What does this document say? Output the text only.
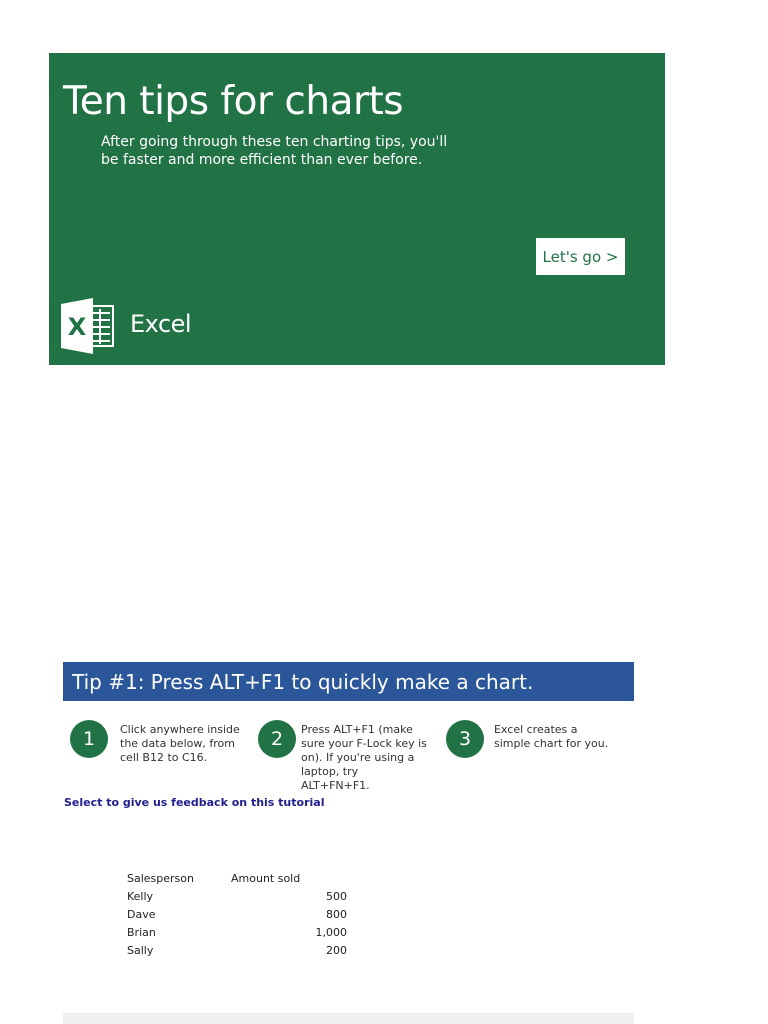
Ten tips for charts
After going through these ten charting tips, you'll be faster and more efficient than ever before.
Let's go >
X Excel
Tip #1: Press ALT+F1 to quickly make a chart.
1	Click anywhere inside the data below, from cell B12 to C16.
2	Press ALT+F1 (make sure your F-Lock key is on). If you're using a laptop, try ALT+FN+F1.
3	Excel creates a simple chart for you.
Select to give us feedback on this tutorial
Salesperson	Amount sold
Kelly	500
Dave	800
Brian	1,000
Sally	200
